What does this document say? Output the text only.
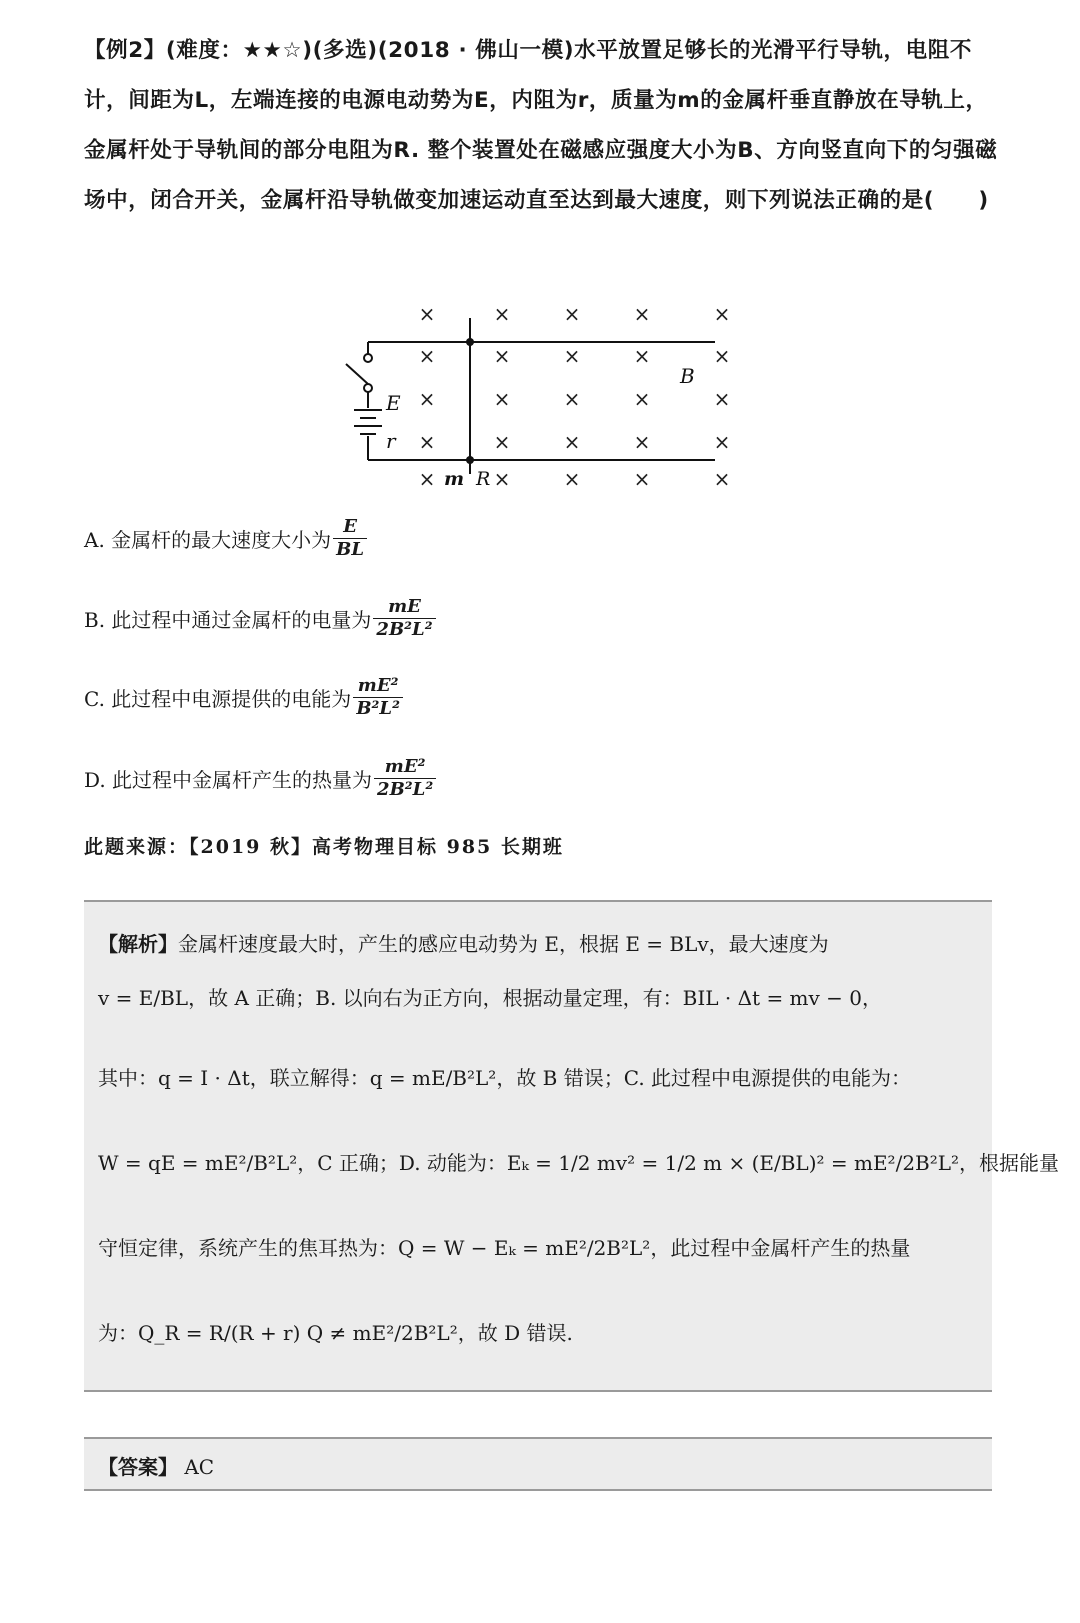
【例2】(难度：★★☆)(多选)(2018 · 佛山一模)水平放置足够长的光滑平行导轨，电阻不计，间距为L，左端连接的电源电动势为E，内阻为r，质量为m的金属杆垂直静放在导轨上，金属杆处于导轨间的部分电阻为R. 整个装置处在磁感应强度大小为B、方向竖直向下的匀强磁场中，闭合开关，金属杆沿导轨做变加速运动直至达到最大速度，则下列说法正确的是(　　)
×	×	×	×	×
×	×	×	×	×
×	×	×	×	×
×	×	×	×	×
×	×	×	×	×
E
r
m R
B
A. 金属杆的最大速度大小为 $\frac{E}{BL}$
B. 此过程中通过金属杆的电量为 $\frac{mE}{\text{2B²L²}}$
C. 此过程中电源提供的电能为 $\frac{\text{mE²}}{\text{B²L²}}$
D. 此过程中金属杆产生的热量为 $\frac{\text{mE²}}{\text{2B²L²}}$
此题来源：【2019 秋】高考物理目标 985 长期班
【解析】 金属杆速度最大时，产生的感应电动势为 E，根据 E = BLv，最大速度为
v = E/BL，故 A 正确；B. 以向右为正方向，根据动量定理，有：BIL · Δt = mv − 0，
其中：q = I · Δt，联立解得：q = mE/B²L²，故 B 错误；C. 此过程中电源提供的电能为：
W = qE = mE²/B²L²，C 正确；D. 动能为：Eₖ = 1/2 mv² = 1/2 m × (E/BL)² = mE²/2B²L²，根据能量
守恒定律，系统产生的焦耳热为：Q = W − Eₖ = mE²/2B²L²，此过程中金属杆产生的热量
为：Q_R = R/(R + r) Q ≠ mE²/2B²L²，故 D 错误.
【答案】 AC
